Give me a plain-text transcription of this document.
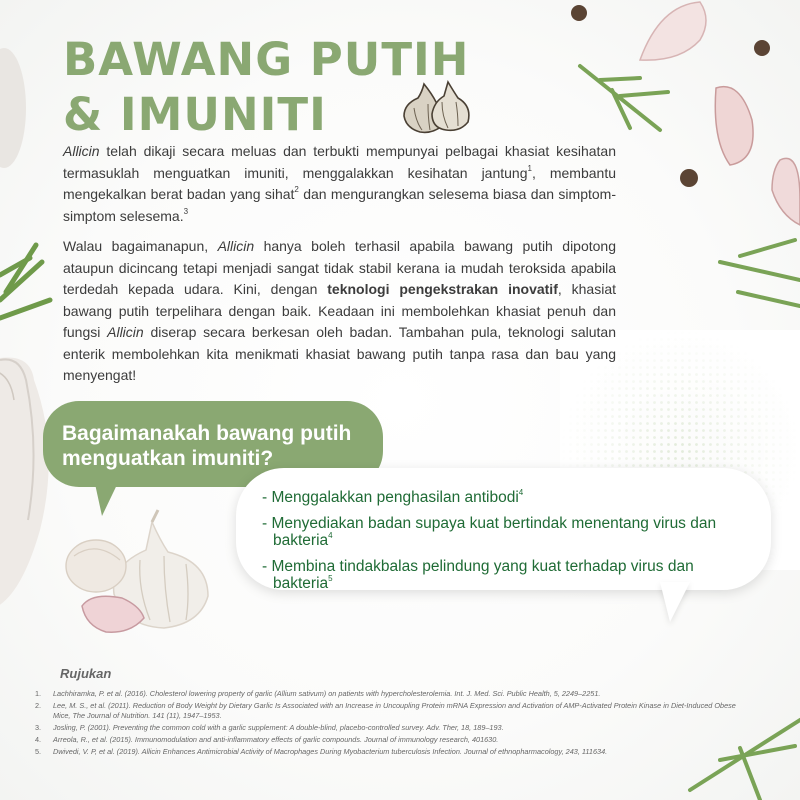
BAWANG PUTIH
& IMUNITI

Allicin telah dikaji secara meluas dan terbukti mempunyai pelbagai khasiat kesihatan termasuklah menguatkan imuniti, menggalakkan kesihatan jantung$^1$, membantu mengekalkan berat badan yang sihat$^2$ dan mengurangkan selesema biasa dan simptom-simptom selesema.$^3$

Walau bagaimanapun, Allicin hanya boleh terhasil apabila bawang putih dipotong ataupun dicincang tetapi menjadi sangat tidak stabil kerana ia mudah teroksida apabila terdedah kepada udara. Kini, dengan teknologi pengekstrakan inovatif, khasiat bawang putih terpelihara dengan baik. Keadaan ini membolehkan khasiat penuh dan fungsi Allicin diserap secara berkesan oleh badan. Tambahan pula, teknologi salutan enterik membolehkan kita menikmati khasiat bawang putih tanpa rasa dan bau yang menyengat!

Bagaimanakah bawang putih
menguatkan imuniti?
- Menggalakkan penghasilan antibodi$^4$
- Menyediakan badan supaya kuat bertindak menentang virus dan bakteria$^4$
- Membina tindakbalas pelindung yang kuat terhadap virus dan bakteria$^5$
Rujukan
1. Lachhiramka, P. et al. (2016). Cholesterol lowering property of garlic (Allium sativum) on patients with hypercholesterolemia. Int. J. Med. Sci. Public Health, 5, 2249–2251.
2. Lee, M. S., et al. (2011). Reduction of Body Weight by Dietary Garlic Is Associated with an Increase in Uncoupling Protein mRNA Expression and Activation of AMP-Activated Protein Kinase in Diet-Induced Obese Mice, The Journal of Nutrition. 141 (11), 1947–1953.
3. Josling, P. (2001). Preventing the common cold with a garlic supplement: A double-blind, placebo-controlled survey. Adv. Ther, 18, 189–193.
4. Arreola, R., et al. (2015). Immunomodulation and anti-inflammatory effects of garlic compounds. Journal of immunology research, 401630.
5. Dwivedi, V. P, et al. (2019). Allicin Enhances Antimicrobial Activity of Macrophages During Myobacterium tuberculosis Infection. Journal of ethnopharmacology, 243, 111634.
